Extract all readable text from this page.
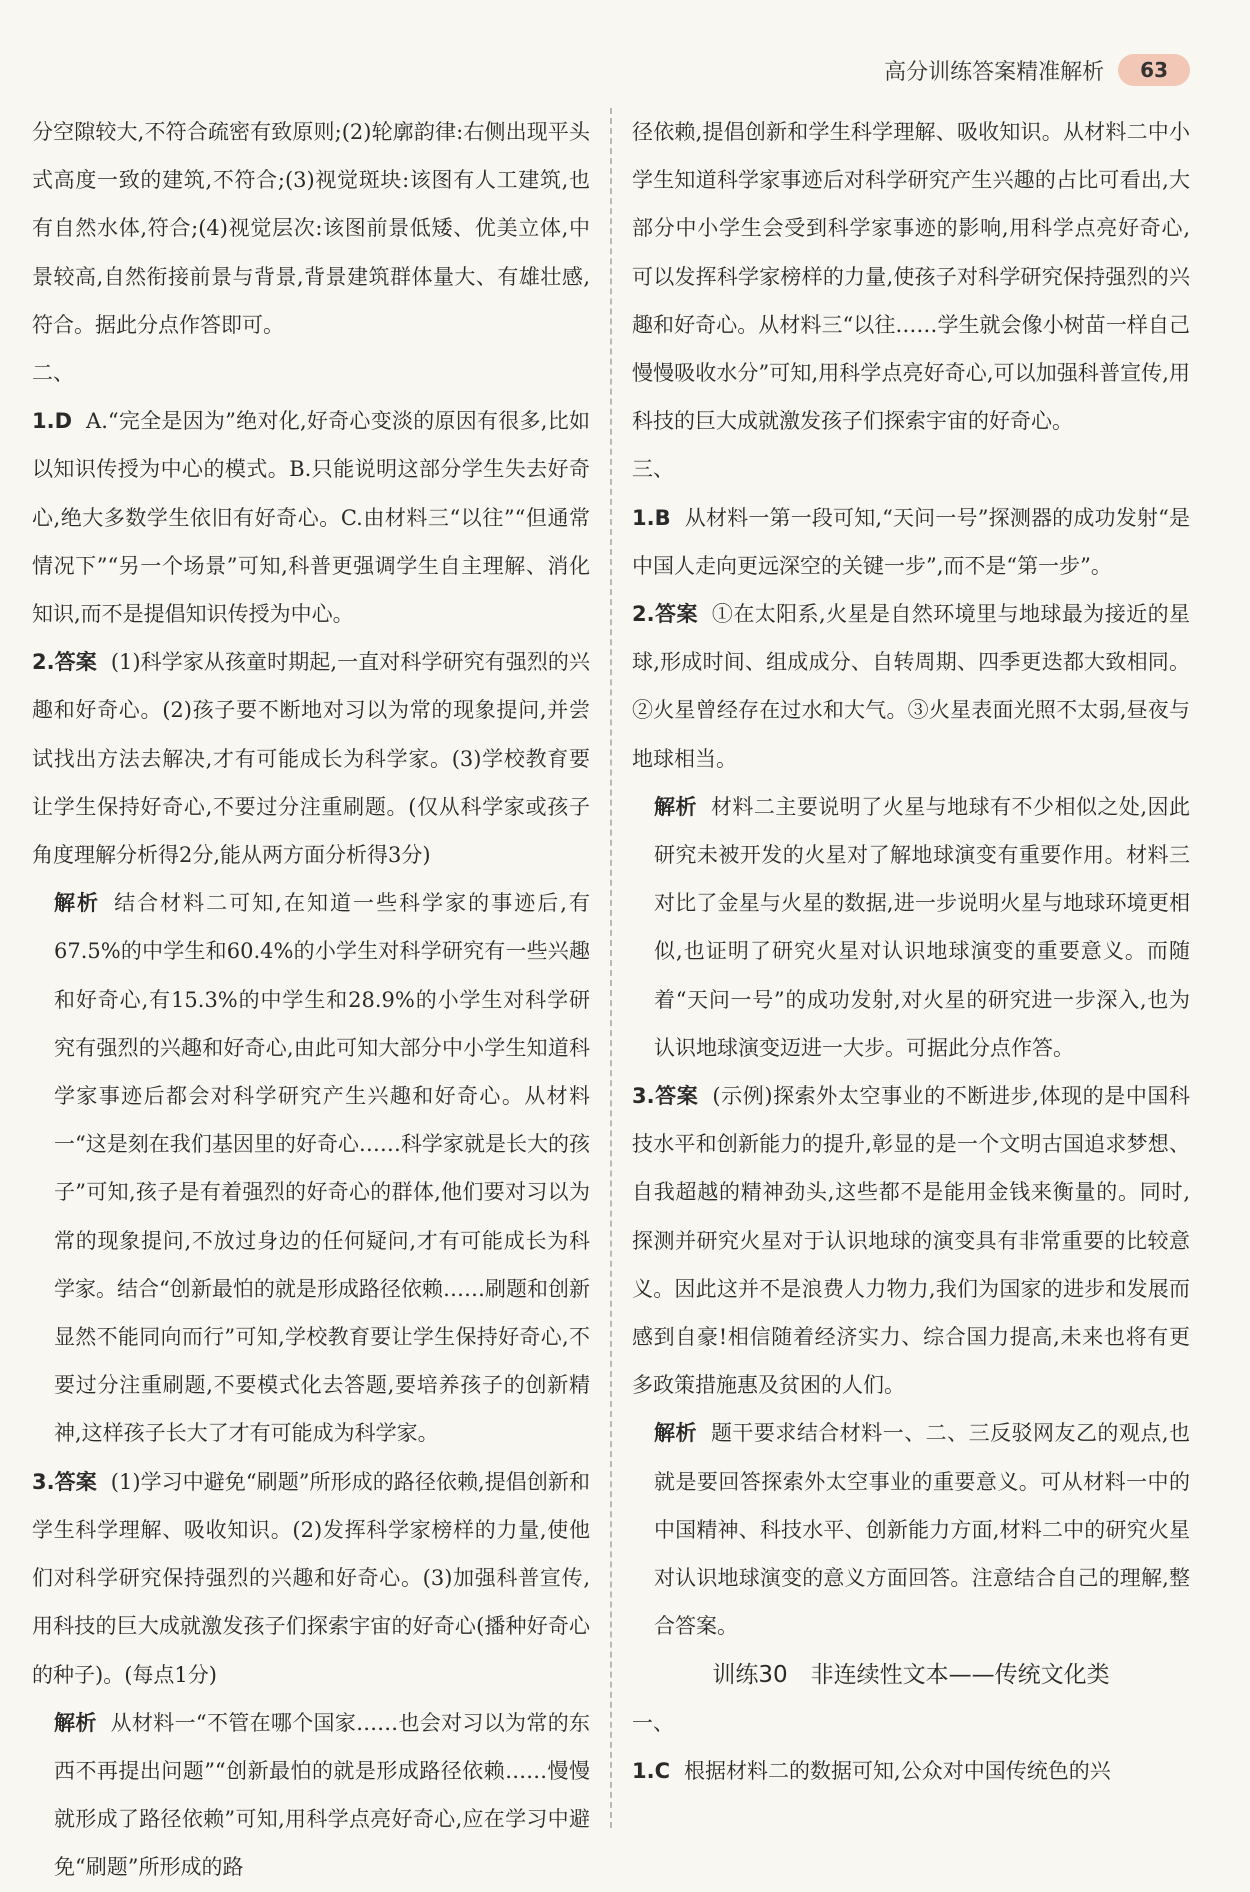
高分训练答案精准解析	63

分空隙较大,不符合疏密有致原则;(2)轮廓韵律:右侧出现平头式高度一致的建筑,不符合;(3)视觉斑块:该图有人工建筑,也有自然水体,符合;(4)视觉层次:该图前景低矮、优美立体,中景较高,自然衔接前景与背景,背景建筑群体量大、有雄壮感,符合。据此分点作答即可。

二、

1.D A.“完全是因为”绝对化,好奇心变淡的原因有很多,比如以知识传授为中心的模式。B.只能说明这部分学生失去好奇心,绝大多数学生依旧有好奇心。C.由材料三“以往”“但通常情况下”“另一个场景”可知,科普更强调学生自主理解、消化知识,而不是提倡知识传授为中心。

2.答案 (1)科学家从孩童时期起,一直对科学研究有强烈的兴趣和好奇心。(2)孩子要不断地对习以为常的现象提问,并尝试找出方法去解决,才有可能成长为科学家。(3)学校教育要让学生保持好奇心,不要过分注重刷题。(仅从科学家或孩子角度理解分析得2分,能从两方面分析得3分)

解析 结合材料二可知,在知道一些科学家的事迹后,有67.5%的中学生和60.4%的小学生对科学研究有一些兴趣和好奇心,有15.3%的中学生和28.9%的小学生对科学研究有强烈的兴趣和好奇心,由此可知大部分中小学生知道科学家事迹后都会对科学研究产生兴趣和好奇心。从材料一“这是刻在我们基因里的好奇心……科学家就是长大的孩子”可知,孩子是有着强烈的好奇心的群体,他们要对习以为常的现象提问,不放过身边的任何疑问,才有可能成长为科学家。结合“创新最怕的就是形成路径依赖……刷题和创新显然不能同向而行”可知,学校教育要让学生保持好奇心,不要过分注重刷题,不要模式化去答题,要培养孩子的创新精神,这样孩子长大了才有可能成为科学家。

3.答案 (1)学习中避免“刷题”所形成的路径依赖,提倡创新和学生科学理解、吸收知识。(2)发挥科学家榜样的力量,使他们对科学研究保持强烈的兴趣和好奇心。(3)加强科普宣传,用科技的巨大成就激发孩子们探索宇宙的好奇心(播种好奇心的种子)。(每点1分)

解析 从材料一“不管在哪个国家……也会对习以为常的东西不再提出问题”“创新最怕的就是形成路径依赖……慢慢就形成了路径依赖”可知,用科学点亮好奇心,应在学习中避免“刷题”所形成的路

径依赖,提倡创新和学生科学理解、吸收知识。从材料二中小学生知道科学家事迹后对科学研究产生兴趣的占比可看出,大部分中小学生会受到科学家事迹的影响,用科学点亮好奇心,可以发挥科学家榜样的力量,使孩子对科学研究保持强烈的兴趣和好奇心。从材料三“以往……学生就会像小树苗一样自己慢慢吸收水分”可知,用科学点亮好奇心,可以加强科普宣传,用科技的巨大成就激发孩子们探索宇宙的好奇心。

三、

1.B 从材料一第一段可知,“天问一号”探测器的成功发射“是中国人走向更远深空的关键一步”,而不是“第一步”。

2.答案 ①在太阳系,火星是自然环境里与地球最为接近的星球,形成时间、组成成分、自转周期、四季更迭都大致相同。②火星曾经存在过水和大气。③火星表面光照不太弱,昼夜与地球相当。

解析 材料二主要说明了火星与地球有不少相似之处,因此研究未被开发的火星对了解地球演变有重要作用。材料三对比了金星与火星的数据,进一步说明火星与地球环境更相似,也证明了研究火星对认识地球演变的重要意义。而随着“天问一号”的成功发射,对火星的研究进一步深入,也为认识地球演变迈进一大步。可据此分点作答。

3.答案 (示例)探索外太空事业的不断进步,体现的是中国科技水平和创新能力的提升,彰显的是一个文明古国追求梦想、自我超越的精神劲头,这些都不是能用金钱来衡量的。同时,探测并研究火星对于认识地球的演变具有非常重要的比较意义。因此这并不是浪费人力物力,我们为国家的进步和发展而感到自豪!相信随着经济实力、综合国力提高,未来也将有更多政策措施惠及贫困的人们。

解析 题干要求结合材料一、二、三反驳网友乙的观点,也就是要回答探索外太空事业的重要意义。可从材料一中的中国精神、科技水平、创新能力方面,材料二中的研究火星对认识地球演变的意义方面回答。注意结合自己的理解,整合答案。

训练30　非连续性文本——传统文化类

一、

1.C 根据材料二的数据可知,公众对中国传统色的兴
